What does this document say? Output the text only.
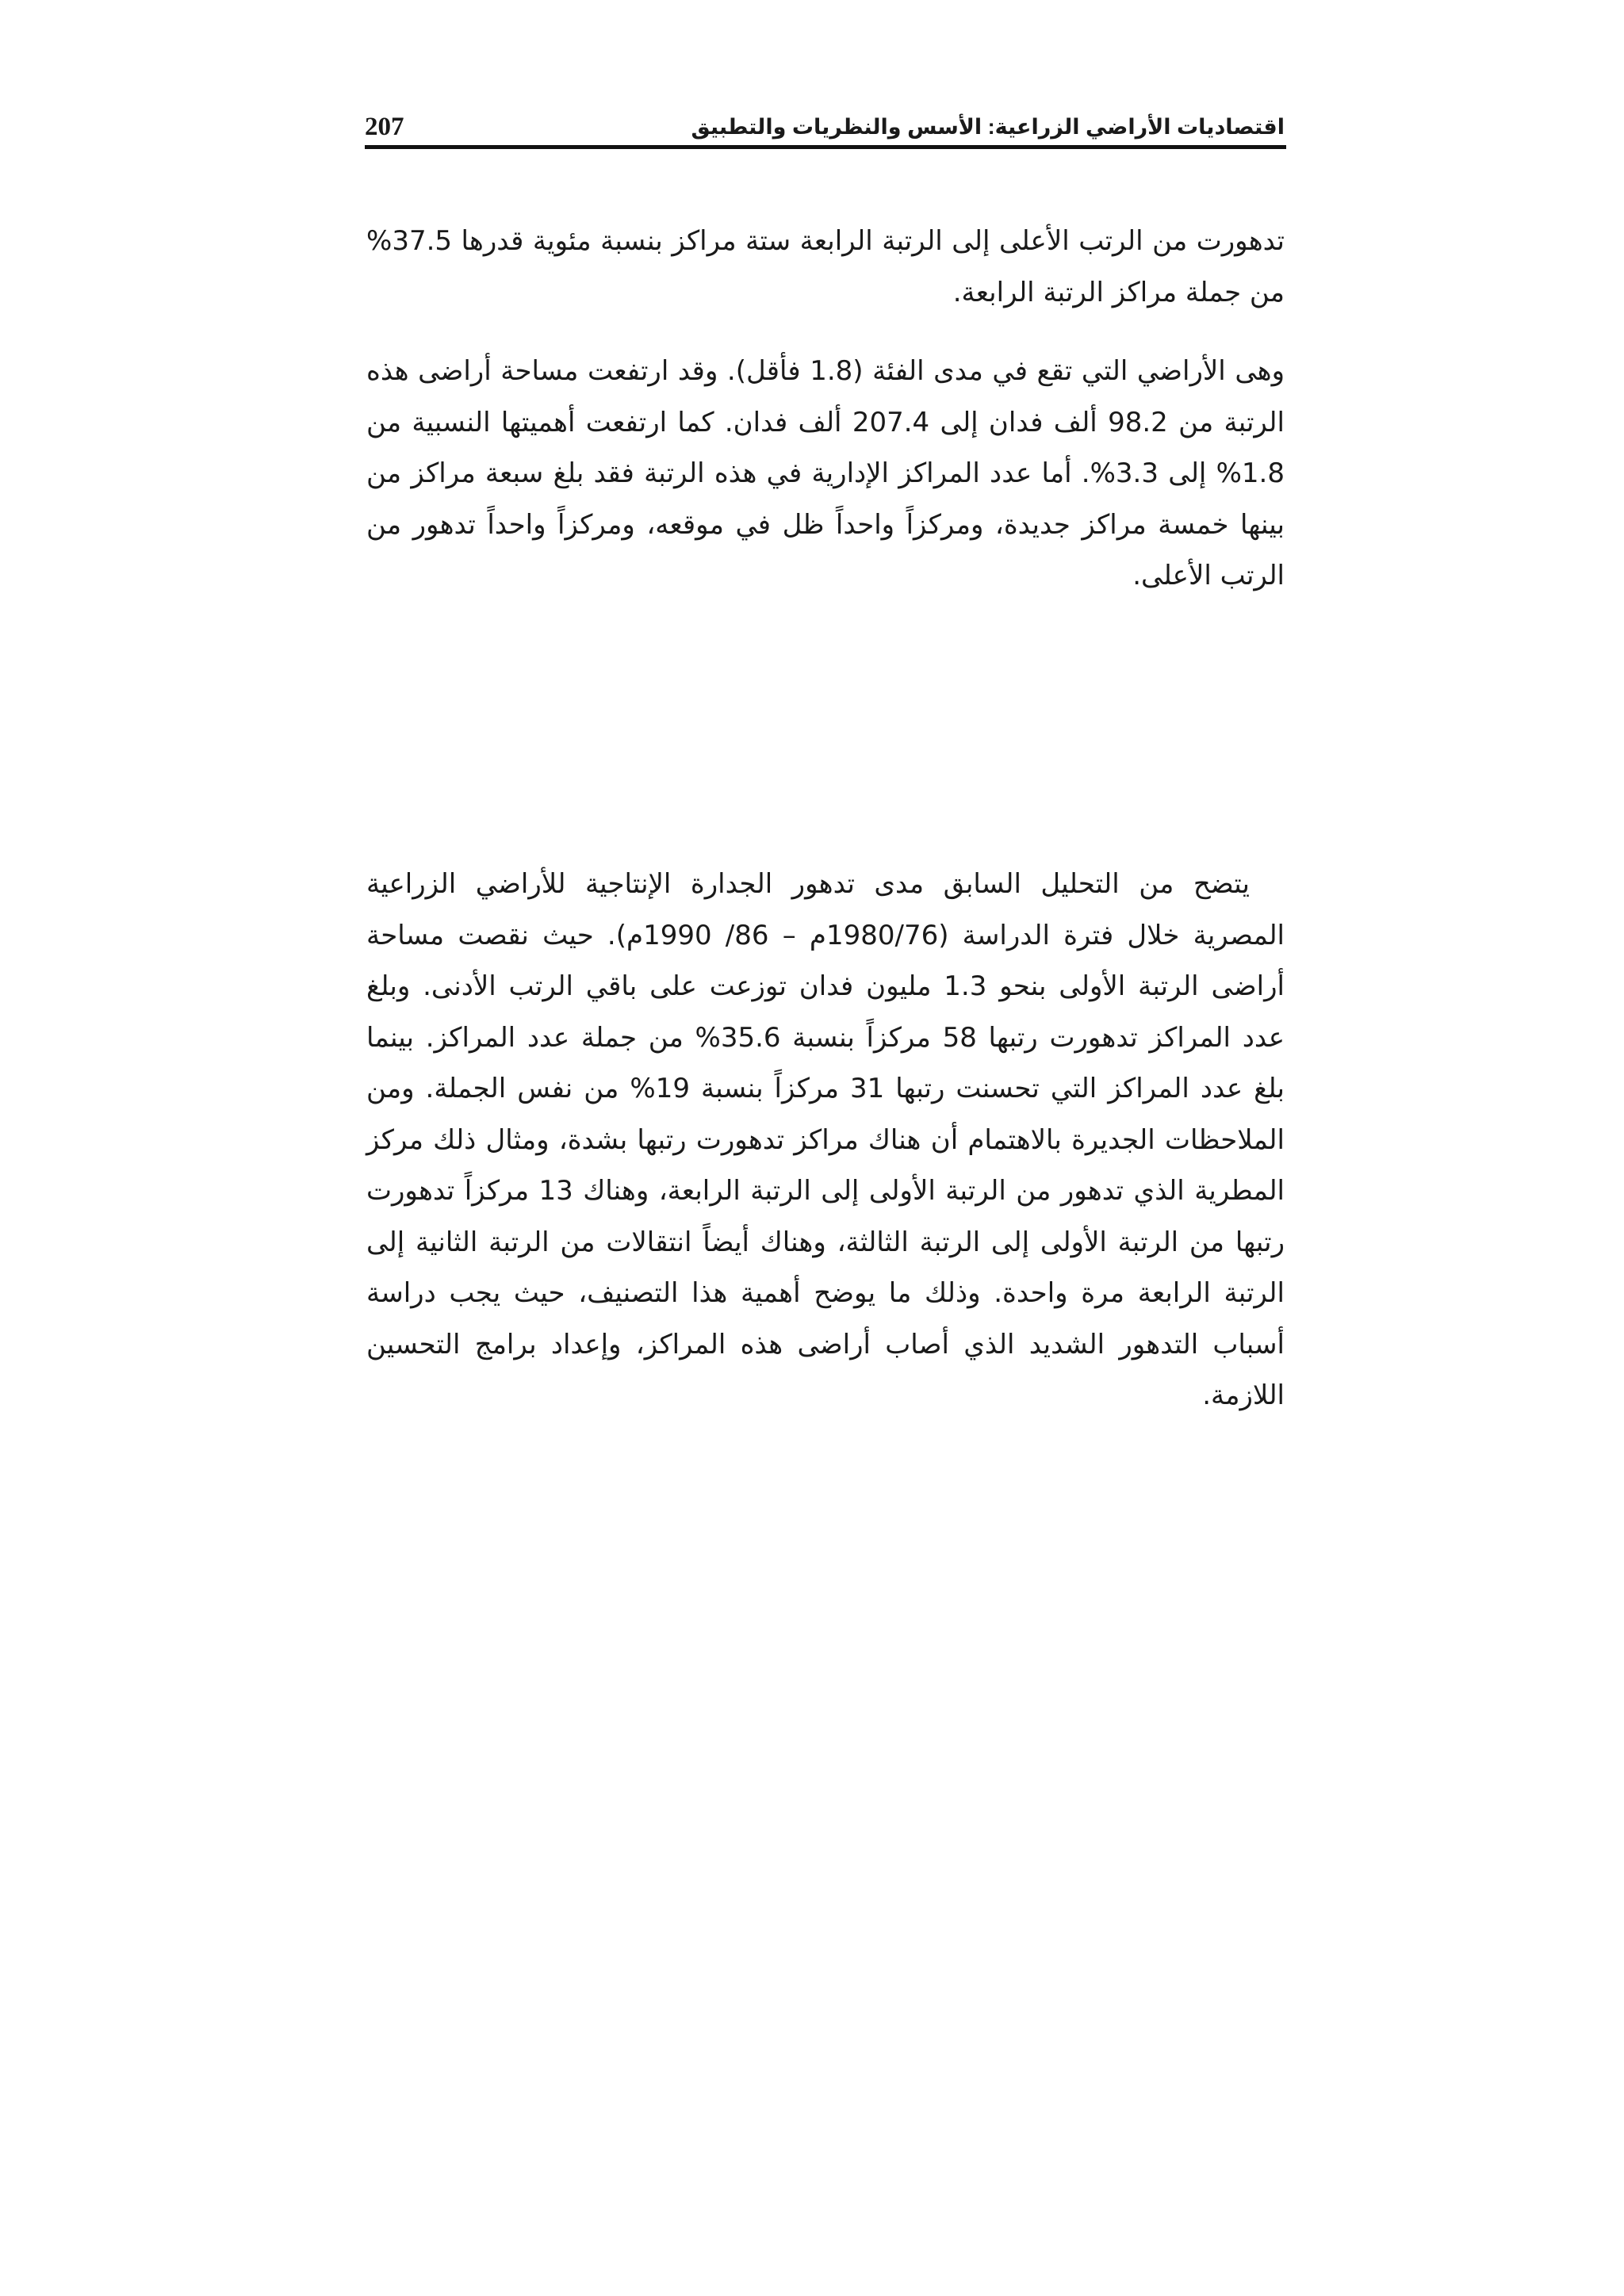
207	اقتصاديات الأراضي الزراعية: الأسس والنظريات والتطبيق

تدهورت من الرتب الأعلى إلى الرتبة الرابعة ستة مراكز بنسبة مئوية قدرها 37.5% من جملة مراكز الرتبة الرابعة.

وهى الأراضي التي تقع في مدى الفئة (1.8 فأقل). وقد ارتفعت مساحة أراضى هذه الرتبة من 98.2 ألف فدان إلى 207.4 ألف فدان. كما ارتفعت أهميتها النسبية من 1.8% إلى 3.3%. أما عدد المراكز الإدارية في هذه الرتبة فقد بلغ سبعة مراكز من بينها خمسة مراكز جديدة، ومركزاً واحداً ظل في موقعه، ومركزاً واحداً تدهور من الرتب الأعلى.

يتضح من التحليل السابق مدى تدهور الجدارة الإنتاجية للأراضي الزراعية المصرية خلال فترة الدراسة (1980/76م – 86/ 1990م). حيث نقصت مساحة أراضى الرتبة الأولى بنحو 1.3 مليون فدان توزعت على باقي الرتب الأدنى. وبلغ عدد المراكز تدهورت رتبها 58 مركزاً بنسبة 35.6% من جملة عدد المراكز. بينما بلغ عدد المراكز التي تحسنت رتبها 31 مركزاً بنسبة 19% من نفس الجملة. ومن الملاحظات الجديرة بالاهتمام أن هناك مراكز تدهورت رتبها بشدة، ومثال ذلك مركز المطرية الذي تدهور من الرتبة الأولى إلى الرتبة الرابعة، وهناك 13 مركزاً تدهورت رتبها من الرتبة الأولى إلى الرتبة الثالثة، وهناك أيضاً انتقالات من الرتبة الثانية إلى الرتبة الرابعة مرة واحدة. وذلك ما يوضح أهمية هذا التصنيف، حيث يجب دراسة أسباب التدهور الشديد الذي أصاب أراضى هذه المراكز، وإعداد برامج التحسين اللازمة.
